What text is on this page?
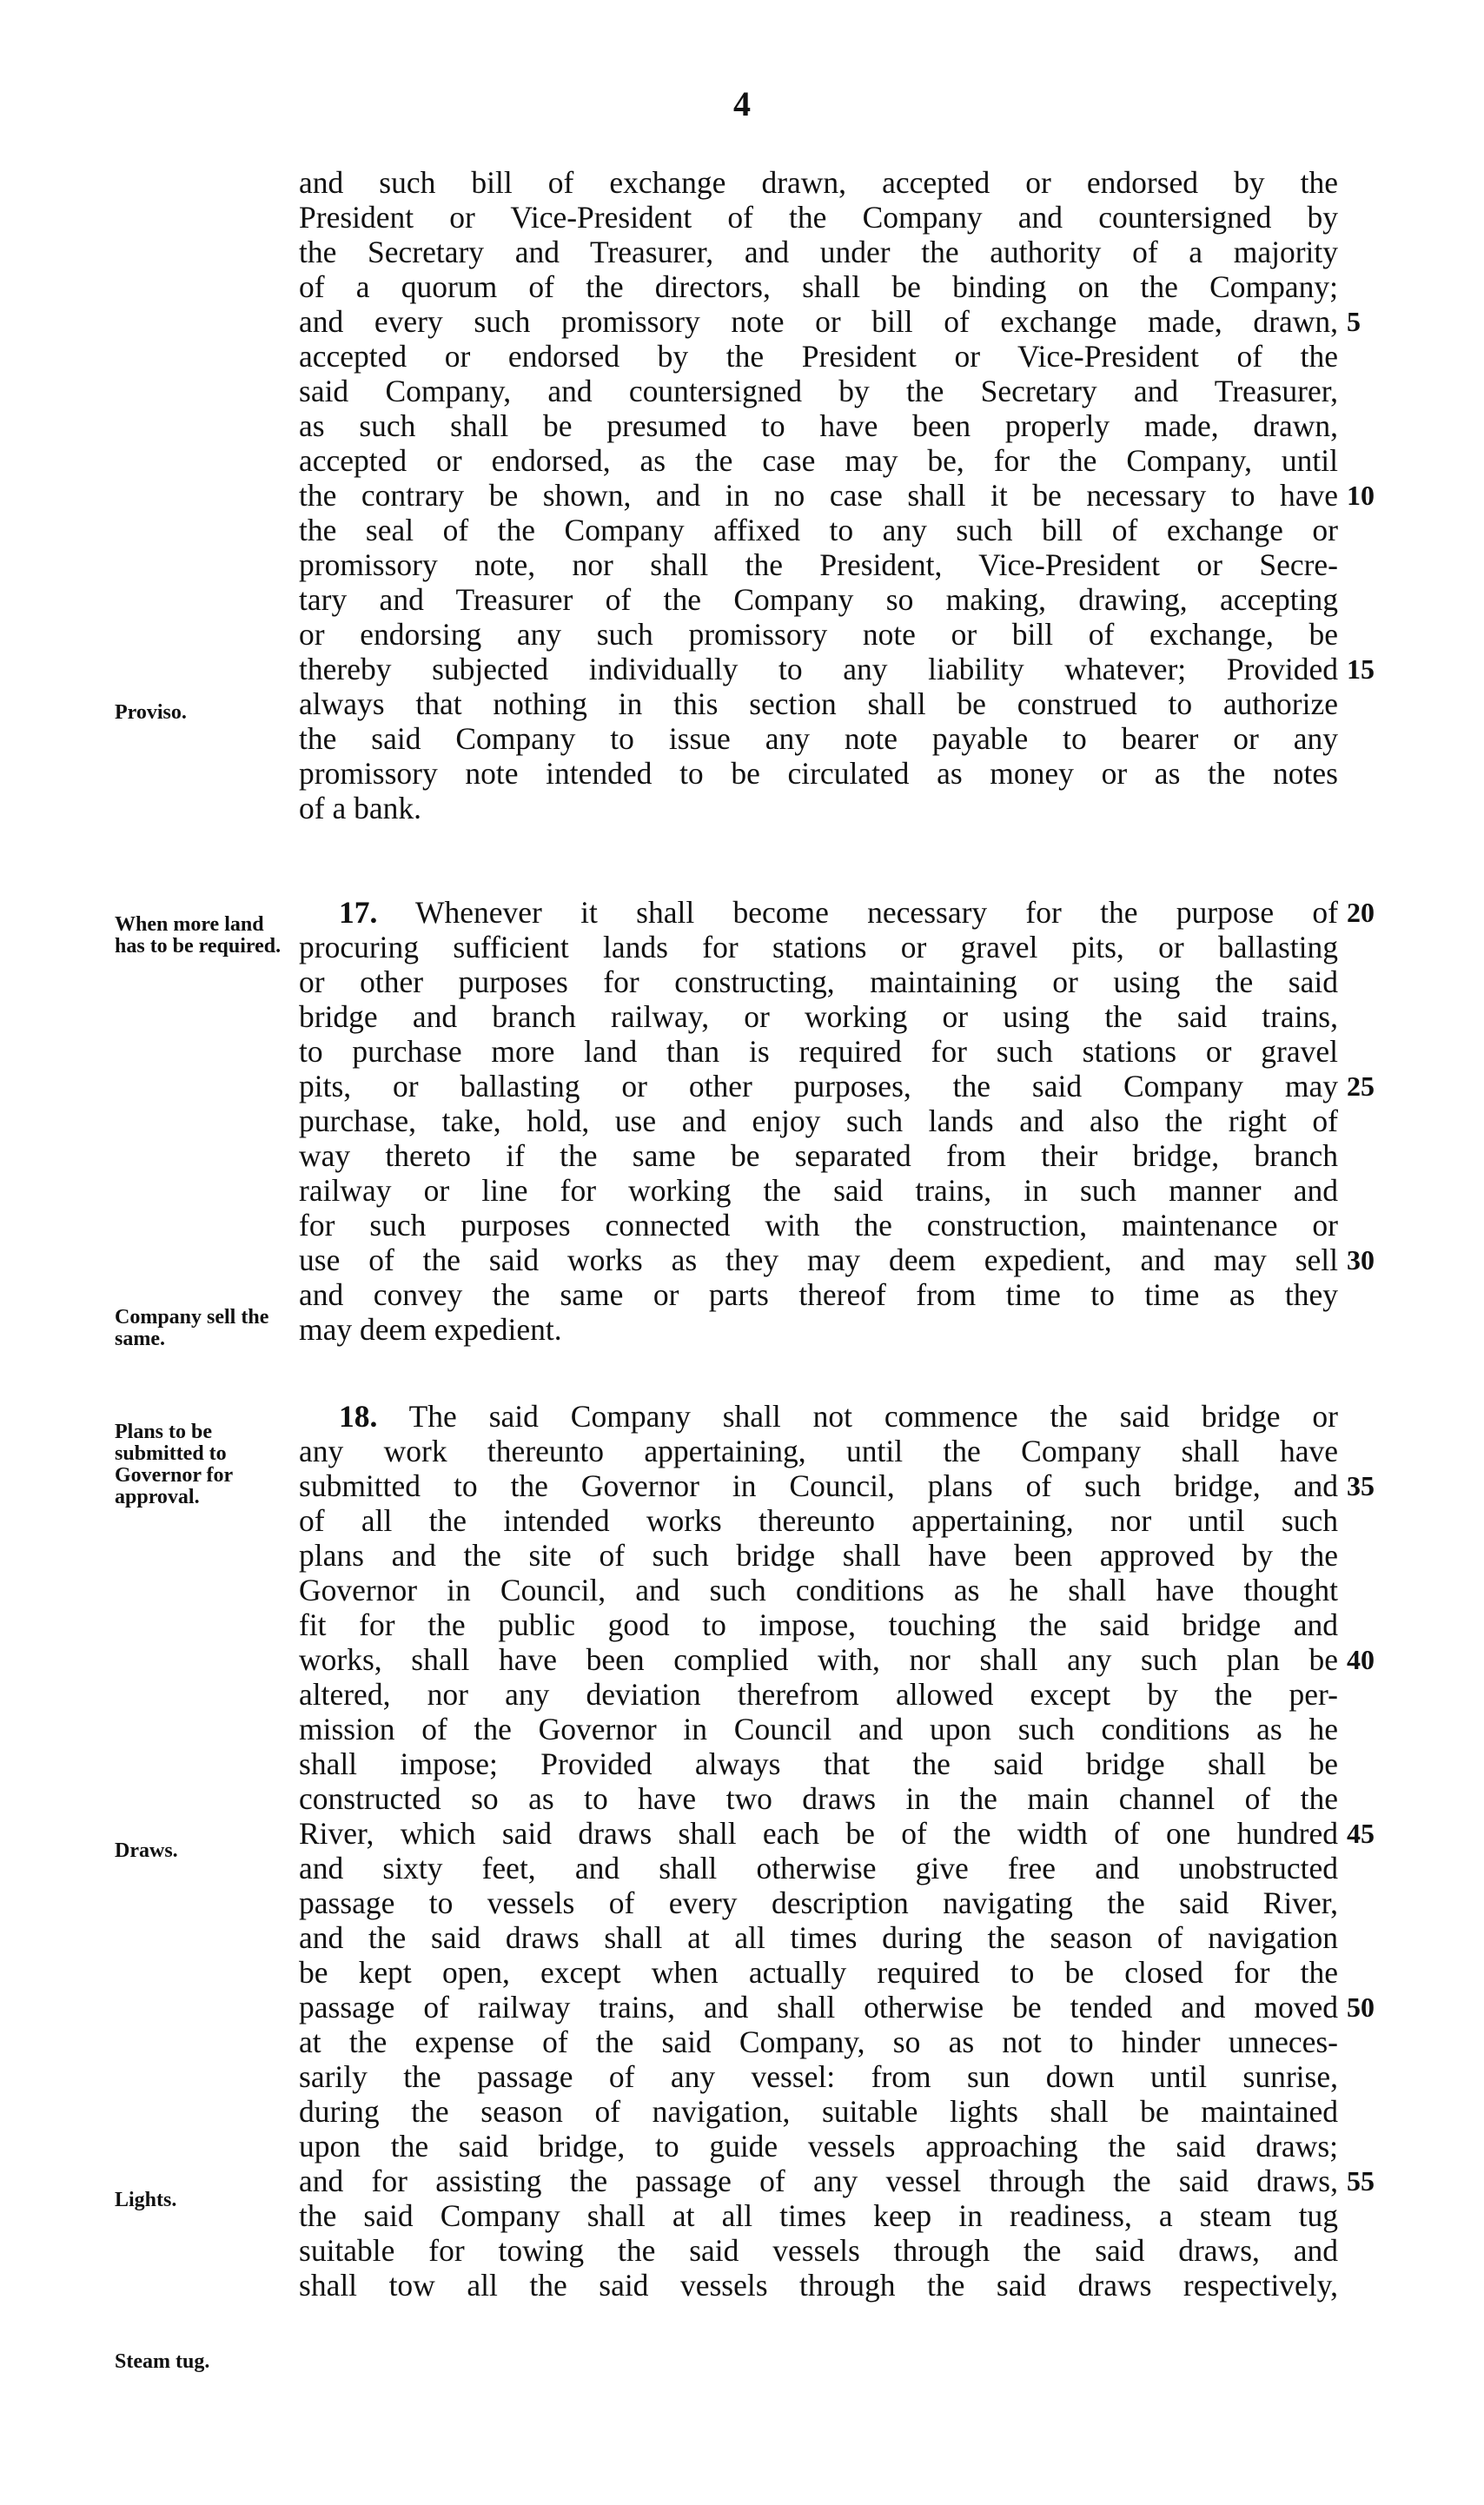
4
Proviso.
When more land has to be required.
Company sell the same.
Plans to be submitted to Governor for approval.
Draws.
Lights.
Steam tug.
and such bill of exchange drawn, accepted or endorsed by the
President or Vice-President of the Company and countersigned by
the Secretary and Treasurer, and under the authority of a majority
of a quorum of the directors, shall be binding on the Company;
and every such promissory note or bill of exchange made, drawn,
accepted or endorsed by the President or Vice-President of the
said Company, and countersigned by the Secretary and Treasurer,
as such shall be presumed to have been properly made, drawn,
accepted or endorsed, as the case may be, for the Company, until
the contrary be shown, and in no case shall it be necessary to have
the seal of the Company affixed to any such bill of exchange or
promissory note, nor shall the President, Vice-President or Secre-
tary and Treasurer of the Company so making, drawing, accepting
or endorsing any such promissory note or bill of exchange, be
thereby subjected individually to any liability whatever; Provided
always that nothing in this section shall be construed to authorize
the said Company to issue any note payable to bearer or any
promissory note intended to be circulated as money or as the notes
of a bank.
17. Whenever it shall become necessary for the purpose of
procuring sufficient lands for stations or gravel pits, or ballasting
or other purposes for constructing, maintaining or using the said
bridge and branch railway, or working or using the said trains,
to purchase more land than is required for such stations or gravel
pits, or ballasting or other purposes, the said Company may
purchase, take, hold, use and enjoy such lands and also the right of
way thereto if the same be separated from their bridge, branch
railway or line for working the said trains, in such manner and
for such purposes connected with the construction, maintenance or
use of the said works as they may deem expedient, and may sell
and convey the same or parts thereof from time to time as they
may deem expedient.
18. The said Company shall not commence the said bridge or
any work thereunto appertaining, until the Company shall have
submitted to the Governor in Council, plans of such bridge, and
of all the intended works thereunto appertaining, nor until such
plans and the site of such bridge shall have been approved by the
Governor in Council, and such conditions as he shall have thought
fit for the public good to impose, touching the said bridge and
works, shall have been complied with, nor shall any such plan be
altered, nor any deviation therefrom allowed except by the per-
mission of the Governor in Council and upon such conditions as he
shall impose; Provided always that the said bridge shall be
constructed so as to have two draws in the main channel of the
River, which said draws shall each be of the width of one hundred
and sixty feet, and shall otherwise give free and unobstructed
passage to vessels of every description navigating the said River,
and the said draws shall at all times during the season of navigation
be kept open, except when actually required to be closed for the
passage of railway trains, and shall otherwise be tended and moved
at the expense of the said Company, so as not to hinder unneces-
sarily the passage of any vessel: from sun down until sunrise,
during the season of navigation, suitable lights shall be maintained
upon the said bridge, to guide vessels approaching the said draws;
and for assisting the passage of any vessel through the said draws,
the said Company shall at all times keep in readiness, a steam tug
suitable for towing the said vessels through the said draws, and
shall tow all the said vessels through the said draws respectively,
5
10
15
20
25
30
35
40
45
50
55
